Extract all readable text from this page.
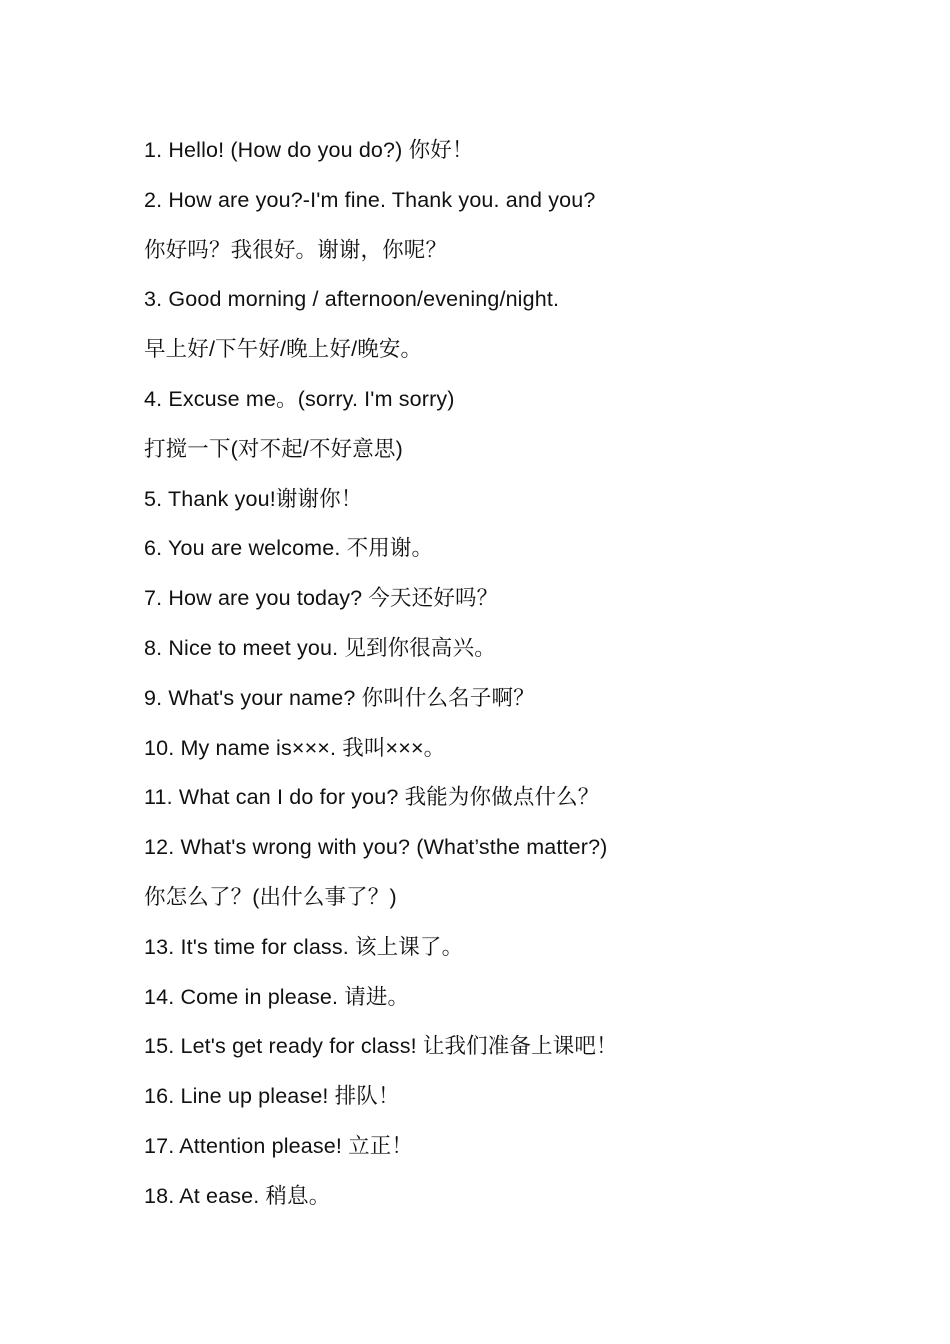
1. Hello! (How do you do?) 你好！
2. How are you?-I'm fine. Thank you. and you?
你好吗？我很好。谢谢，你呢？
3. Good morning / afternoon/evening/night.
早上好/下午好/晚上好/晚安。
4. Excuse me。(sorry. I'm sorry)
打搅一下(对不起/不好意思)
5. Thank you!谢谢你！
6. You are welcome. 不用谢。
7. How are you today? 今天还好吗？
8. Nice to meet you. 见到你很高兴。
9. What's your name? 你叫什么名子啊？
10. My name is×××. 我叫×××。
11. What can I do for you? 我能为你做点什么？
12. What's wrong with you? (What’sthe matter?)
你怎么了？(出什么事了？)
13. It's time for class. 该上课了。
14. Come in please. 请进。
15. Let's get ready for class! 让我们准备上课吧！
16. Line up please! 排队！
17. Attention please! 立正！
18. At ease. 稍息。
